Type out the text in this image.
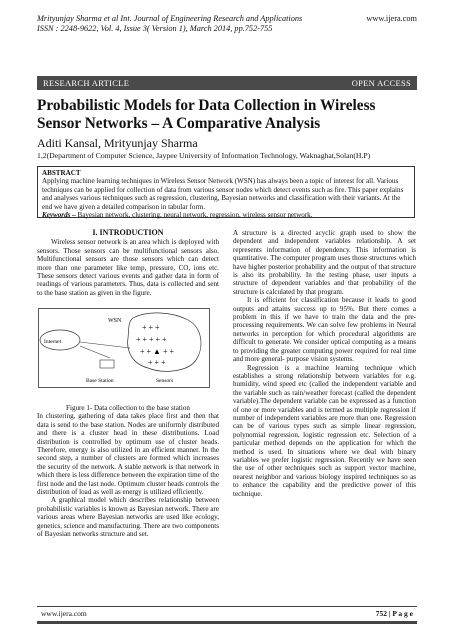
Mrityunjay Sharma et al Int. Journal of Engineering Research and Applications	www.ijera.com
ISSN : 2248-9622, Vol. 4, Issue 3( Version 1), March 2014, pp.752-755
RESEARCH ARTICLE	OPEN ACCESS
Probabilistic Models for Data Collection in Wireless Sensor Networks – A Comparative Analysis
Aditi Kansal, Mrityunjay Sharma
1,2(Department of Computer Science, Jaypee University of Information Technology, Waknaghat,Solan(H.P)
ABSTRACT
Applying machine learning techniques in Wireless Sensor Network (WSN) has always been a topic of interest for all. Various techniques can be applied for collection of data from various sensor nodes which detect events such as fire. This paper explains and analyses various techniques such as regression, clustering, Bayesian networks and classification with their variants. At the end we have given a detailed comparison in tabular form.
Keywords – Bayesian network, clustering, neural network, regression, wireless sensor network.
I. INTRODUCTION

Wireless sensor network is an area which is deployed with sensors. Those sensors can be multifunctional sensors also. Multifunctional sensors are those sensors which can detect more than one parameter like temp, pressure, CO, ions etc. These sensors detect various events and gather data in form of readings of various parameters. Thus, data is collected and sent to the base station as given in the figure.

WSN
Internet
+ + +
+ + + + +
+ + ▲ + +
+ + +
Base Station	Sensors
Figure 1- Data collection to the base station

In clustering, gathering of data takes place first and then that data is send to the base station. Nodes are uniformly distributed and there is a cluster head in these distributions. Load distribution is controlled by optimum use of cluster heads. Therefore, energy is also utilized in an efficient manner. In the second step, a number of clusters are formed which increases the security of the network. A stable network is that network in which there is less difference between the expiration time of the first node and the last node. Optimum cluster heads controls the distribution of load as well as energy is utilized efficiently.

A graphical model which describes relationship between probabilistic variables is known as Bayesian network. There are various areas where Bayesian networks are used like ecology, genetics, science and manufacturing. There are two components of Bayesian networks structure and set.

A structure is a directed acyclic graph used to show the dependent and independent variables relationship. A set represents information of dependency. This information is quantitative. The computer program uses those structures which have higher posterior probability and the output of that structure is also its probability. In the testing phase, user inputs a structure of dependent variables and that probability of the structure is calculated by that program.

It is efficient for classification because it leads to good outputs and attains success up to 95%. But there comes a problem in this if we have to train the data and the pre-processing requirements. We can solve few problems in Neural networks in perception for which procedural algorithms are difficult to generate. We consider optical computing as a means to providing the greater computing power required for real time and more general- purpose vision systems.

Regression is a machine learning technique which establishes a strong relationship between variables for e.g. humidity, wind speed etc (called the independent variable and the variable such as rain/weather forecast (called the dependent variable).The dependent variable can be expressed as a function of one or more variables and is termed as multiple regression if number of independent variables are more than one. Regression can be of various types such as simple linear regression, polynomial regression, logistic regression etc. Selection of a particular method depends on the application for which the method is used. In situations where we deal with binary variables we prefer logistic regression. Recently we have seen the use of other techniques such as support vector machine, nearest neighbor and various biology inspired techniques so as to enhance the capability and the predictive power of this technique.

www.ijera.com	752 | P a g e
